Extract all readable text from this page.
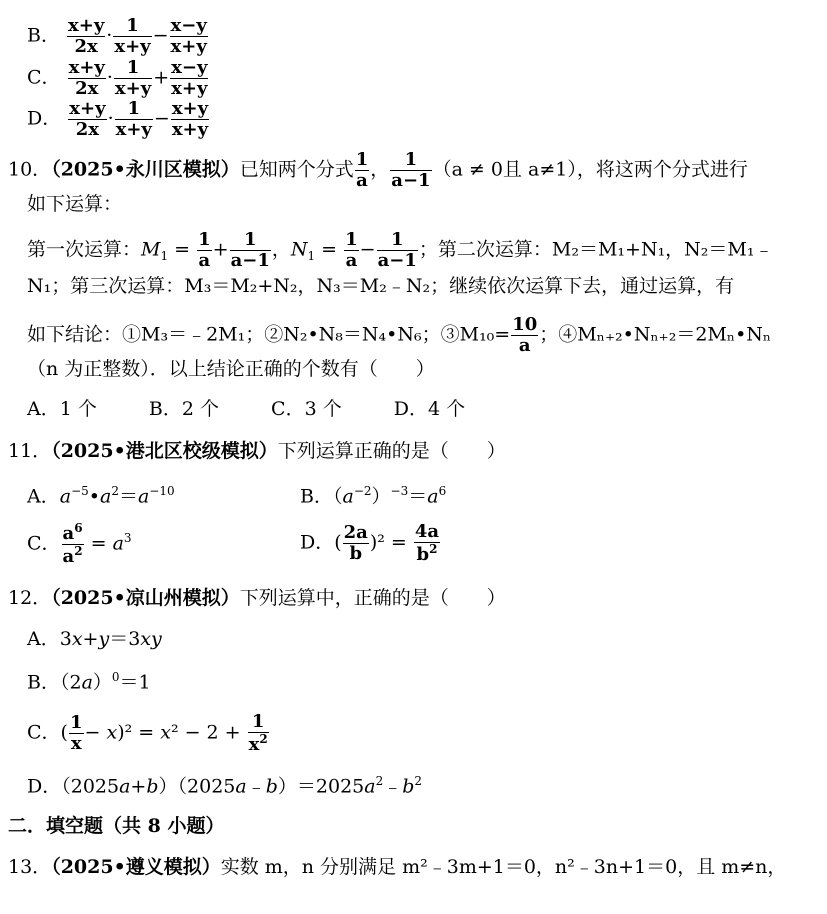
B． $\frac{x+y}{2x} \cdot \frac{1}{x+y} - \frac{x-y}{x+y}$
C． $\frac{x+y}{2x} \cdot \frac{1}{x+y} + \frac{x-y}{x+y}$
D． $\frac{x+y}{2x} \cdot \frac{1}{x+y} - \frac{x+y}{x+y}$
10．（2025•永川区模拟）已知两个分式 $\frac{1}{a}$ ， $\frac{1}{a-1} (a \ne 0$且 a≠1），将这两个分式进行
如下运算：
第一次运算：$M_1 = \frac{1}{a} + \frac{1}{a-1}$ ，$N_1 = \frac{1}{a} - \frac{1}{a-1}$ ；第二次运算：M₂＝M₁+N₁，N₂＝M₁﹣
N₁；第三次运算：M₃＝M₂+N₂，N₃＝M₂﹣N₂；继续依次运算下去，通过运算，有
如下结论：①M₃＝﹣2M₁；②N₂•N₈＝N₄•N₆；③M₁₀= $\frac{10}{a}$ ；④Mₙ₊₂•Nₙ₊₂＝2Mₙ•Nₙ
（n 为正整数）．以上结论正确的个数有（　　）
A．1 个	B．2 个	C．3 个	D．4 个
11．（2025•港北区校级模拟）下列运算正确的是（　　）
A．$a^{-5}•a^2=a^{-10}$	B．$(a^{-2})^{-3}=a^6$
C． $\frac{a^6}{a^2} = a^3$	D．( $\frac{2a}{b} )^2 = \frac{4a}{b^2}$
12．（2025•凉山州模拟）下列运算中，正确的是（　　）
A．3x+y＝3xy
B．$(2a)^0=1$
C．( $\frac{1}{x} - x)^2 = x^2 - 2 + \frac{1}{x^2}$
D．$(2025a+b)(2025a﹣b)=2025a^2﹣b^2$
二．填空题（共 8 小题）
13．（2025•遵义模拟）实数 m，n 分别满足 m²﹣3m+1＝0，n²﹣3n+1＝0，且 m≠n，
